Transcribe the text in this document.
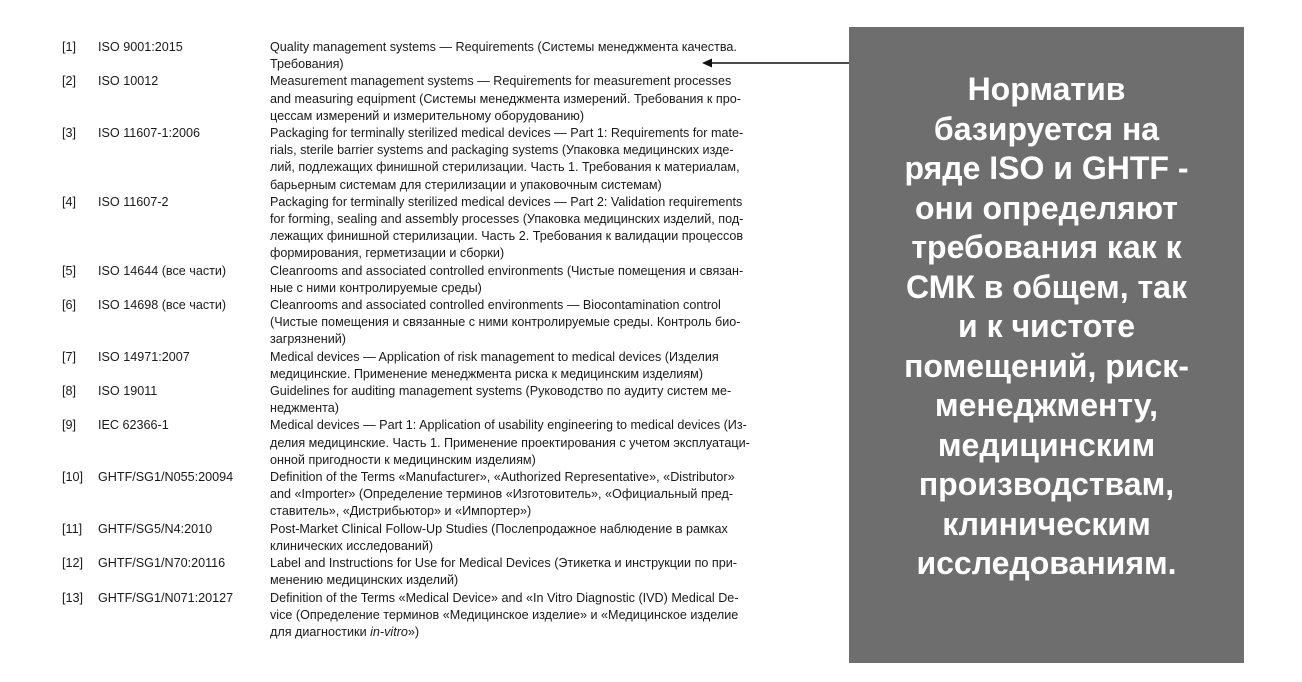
[1]	ISO 9001:2015	Quality management systems — Requirements (Системы менеджмента качества.
Требования)
[2]	ISO 10012	Measurement management systems — Requirements for measurement processes
and measuring equipment (Системы менеджмента измерений. Требования к про-
цессам измерений и измерительному оборудованию)
[3]	ISO 11607-1:2006	Packaging for terminally sterilized medical devices — Part 1: Requirements for mate-
rials, sterile barrier systems and packaging systems (Упаковка медицинских изде-
лий, подлежащих финишной стерилизации. Часть 1. Требования к материалам,
барьерным системам для стерилизации и упаковочным системам)
[4]	ISO 11607-2	Packaging for terminally sterilized medical devices — Part 2: Validation requirements
for forming, sealing and assembly processes (Упаковка медицинских изделий, под-
лежащих финишной стерилизации. Часть 2. Требования к валидации процессов
формирования, герметизации и сборки)
[5]	ISO 14644 (все части)	Cleanrooms and associated controlled environments (Чистые помещения и связан-
ные с ними контролируемые среды)
[6]	ISO 14698 (все части)	Cleanrooms and associated controlled environments — Biocontamination control
(Чистые помещения и связанные с ними контролируемые среды. Контроль био-
загрязнений)
[7]	ISO 14971:2007	Medical devices — Application of risk management to medical devices (Изделия
медицинские. Применение менеджмента риска к медицинским изделиям)
[8]	ISO 19011	Guidelines for auditing management systems (Руководство по аудиту систем ме-
неджмента)
[9]	IEC 62366-1	Medical devices — Part 1: Application of usability engineering to medical devices (Из-
делия медицинские. Часть 1. Применение проектирования с учетом эксплуатаци-
онной пригодности к медицинским изделиям)
[10]	GHTF/SG1/N055:20094	Definition of the Terms «Manufacturer», «Authorized Representative», «Distributor»
and «Importer» (Определение терминов «Изготовитель», «Официальный пред-
ставитель», «Дистрибьютор» и «Импортер»)
[11]	GHTF/SG5/N4:2010	Post-Market Clinical Follow-Up Studies (Послепродажное наблюдение в рамках
клинических исследований)
[12]	GHTF/SG1/N70:20116	Label and Instructions for Use for Medical Devices (Этикетка и инструкции по при-
менению медицинских изделий)
[13]	GHTF/SG1/N071:20127	Definition of the Terms «Medical Device» and «In Vitro Diagnostic (IVD) Medical De-
vice (Определение терминов «Медицинское изделие» и «Медицинское изделие
для диагностики in-vitro»)
Норматив
базируется на
ряде ISO и GHTF -
они определяют
требования как к
СМК в общем, так
и к чистоте
помещений, риск-
менеджменту,
медицинским
производствам,
клиническим
исследованиям.
